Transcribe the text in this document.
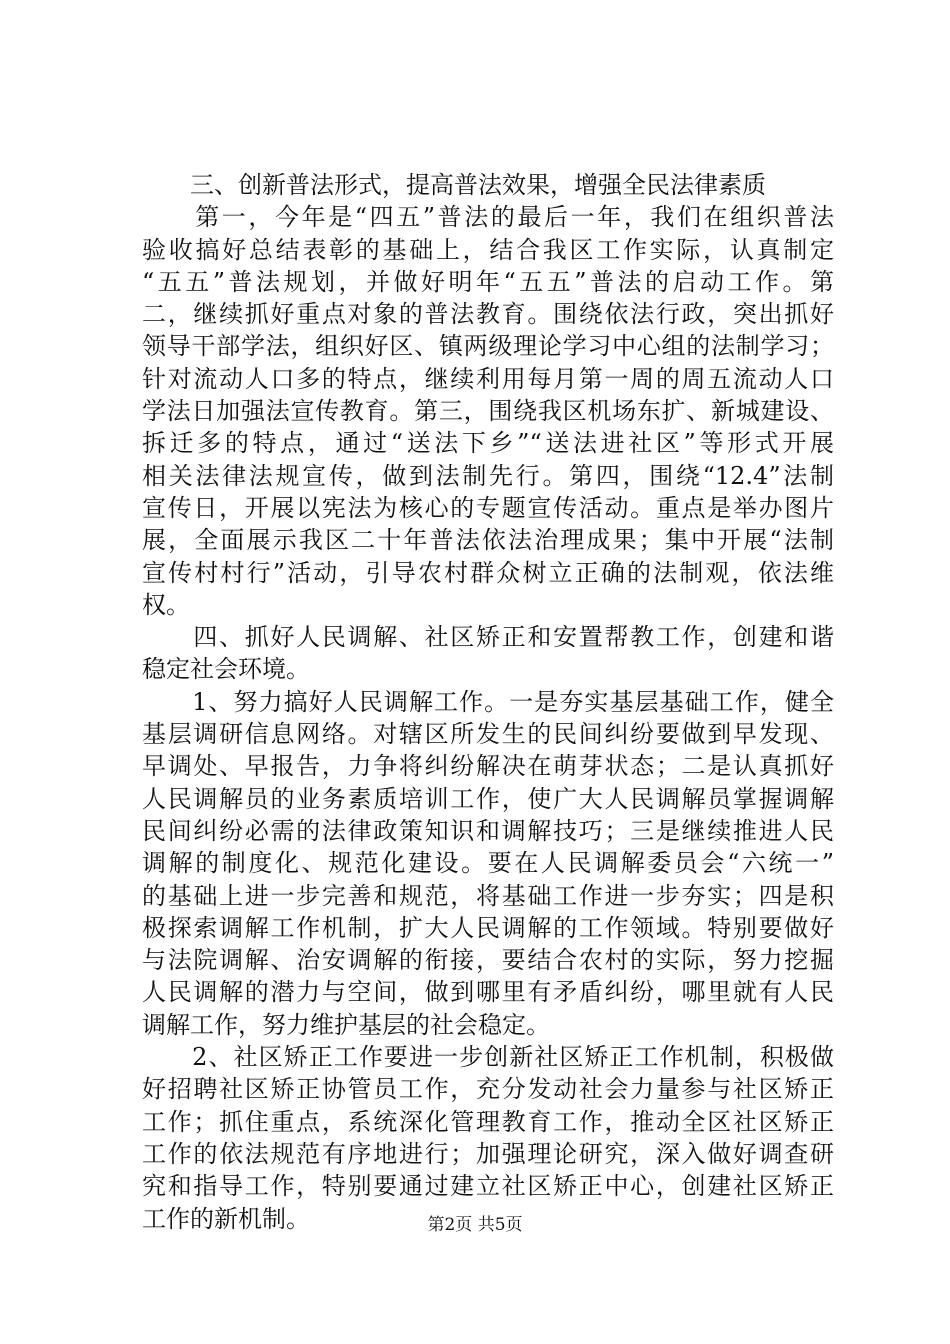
　　三、创新普法形式，提高普法效果，增强全民法律素质
　　第一，今年是“四五”普法的最后一年，我们在组织普法
验收搞好总结表彰的基础上，结合我区工作实际，认真制定
“五五”普法规划，并做好明年“五五”普法的启动工作。第
二，继续抓好重点对象的普法教育。围绕依法行政，突出抓好
领导干部学法，组织好区、镇两级理论学习中心组的法制学习；
针对流动人口多的特点，继续利用每月第一周的周五流动人口
学法日加强法宣传教育。第三，围绕我区机场东扩、新城建设、
拆迁多的特点，通过“送法下乡”“送法进社区”等形式开展
相关法律法规宣传，做到法制先行。第四，围绕“12.4”法制
宣传日，开展以宪法为核心的专题宣传活动。重点是举办图片
展，全面展示我区二十年普法依法治理成果；集中开展“法制
宣传村村行”活动，引导农村群众树立正确的法制观，依法维
权。
　　四、抓好人民调解、社区矫正和安置帮教工作，创建和谐
稳定社会环境。
　　1、努力搞好人民调解工作。一是夯实基层基础工作，健全
基层调研信息网络。对辖区所发生的民间纠纷要做到早发现、
早调处、早报告，力争将纠纷解决在萌芽状态；二是认真抓好
人民调解员的业务素质培训工作，使广大人民调解员掌握调解
民间纠纷必需的法律政策知识和调解技巧；三是继续推进人民
调解的制度化、规范化建设。要在人民调解委员会“六统一”
的基础上进一步完善和规范，将基础工作进一步夯实；四是积
极探索调解工作机制，扩大人民调解的工作领域。特别要做好
与法院调解、治安调解的衔接，要结合农村的实际，努力挖掘
人民调解的潜力与空间，做到哪里有矛盾纠纷，哪里就有人民
调解工作，努力维护基层的社会稳定。
　　2、社区矫正工作要进一步创新社区矫正工作机制，积极做
好招聘社区矫正协管员工作，充分发动社会力量参与社区矫正
工作；抓住重点，系统深化管理教育工作，推动全区社区矫正
工作的依法规范有序地进行；加强理论研究，深入做好调查研
究和指导工作，特别要通过建立社区矫正中心，创建社区矫正
工作的新机制。	第2页 共5页
